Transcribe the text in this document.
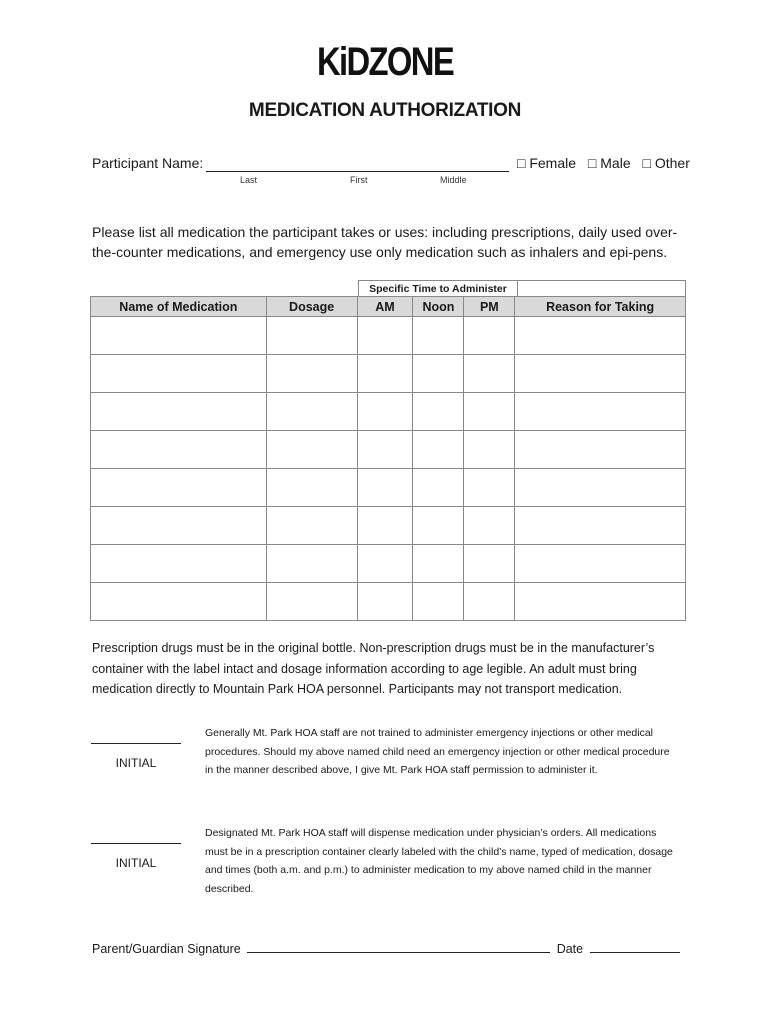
KiDZONE
MEDICATION AUTHORIZATION
Participant Name:	□ Female □ Male □ Other
Last	First	Middle
Please list all medication the participant takes or uses: including prescriptions, daily used over-the-counter medications, and emergency use only medication such as inhalers and epi-pens.
Specific Time to Administer
Name of Medication	Dosage	AM	Noon	PM	Reason for Taking

Prescription drugs must be in the original bottle. Non-prescription drugs must be in the manufacturer’s container with the label intact and dosage information according to age legible. An adult must bring medication directly to Mountain Park HOA personnel. Participants may not transport medication.
INITIAL
Generally Mt. Park HOA staff are not trained to administer emergency injections or other medical procedures. Should my above named child need an emergency injection or other medical procedure in the manner described above, I give Mt. Park HOA staff permission to administer it.
INITIAL
Designated Mt. Park HOA staff will dispense medication under physician’s orders. All medications must be in a prescription container clearly labeled with the child’s name, typed of medication, dosage and times (both a.m. and p.m.) to administer medication to my above named child in the manner described.
Parent/Guardian Signature	Date
